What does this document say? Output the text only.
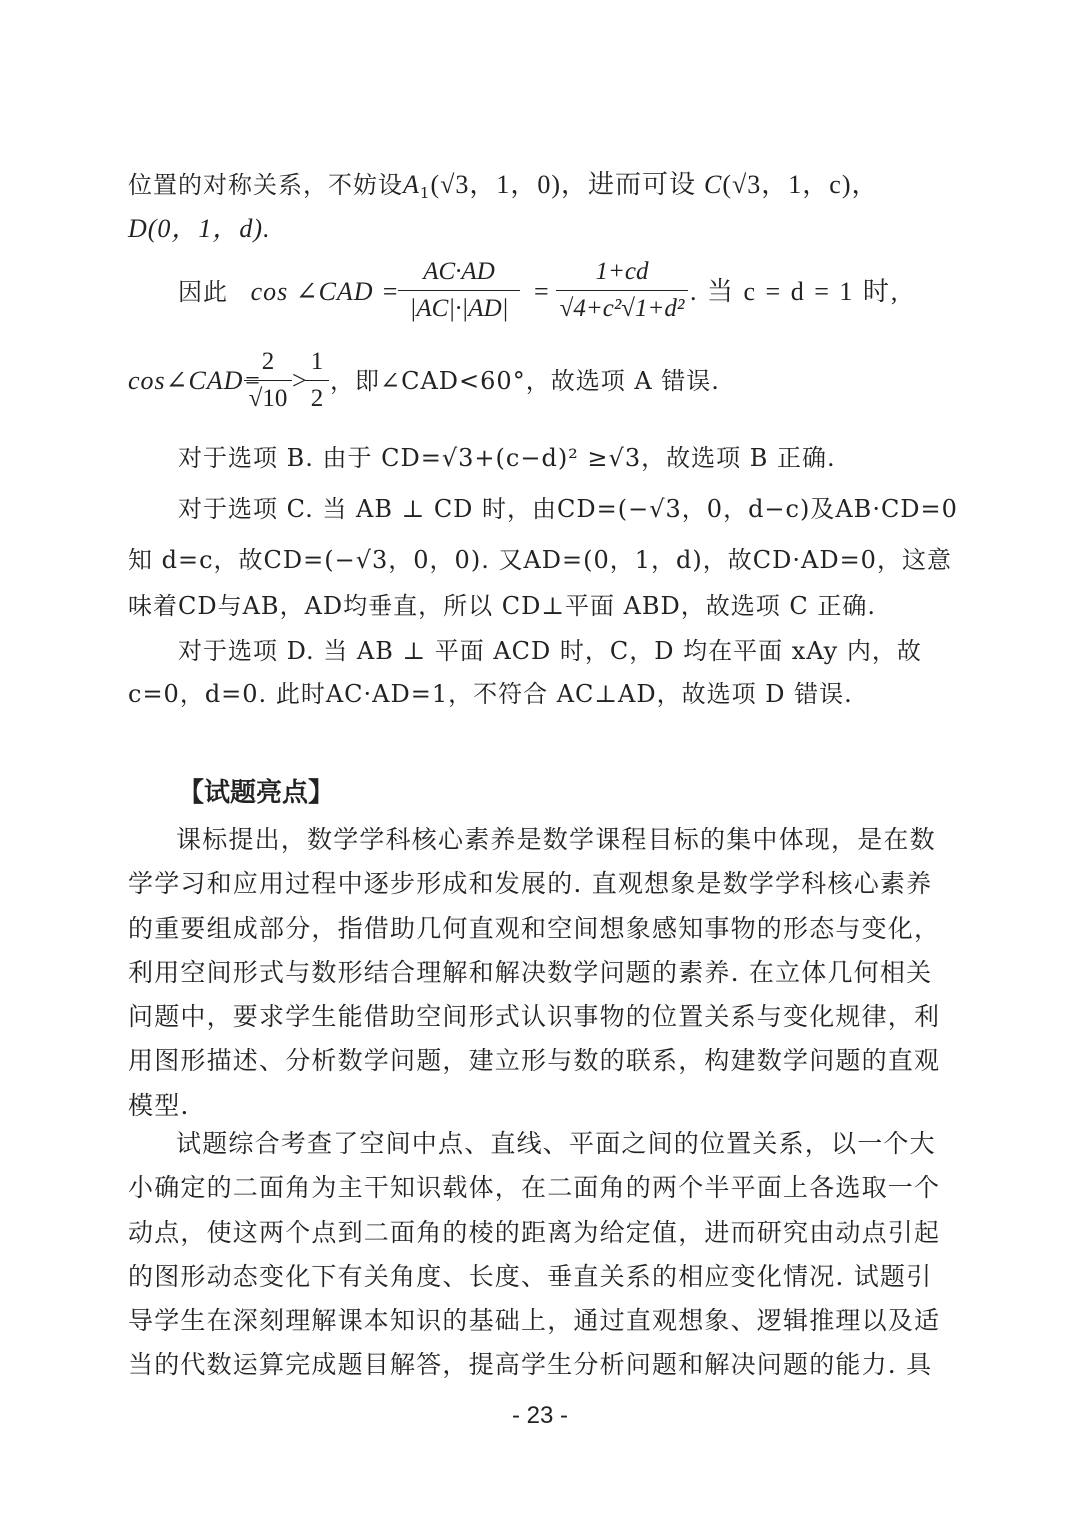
位置的对称关系，不妨设$A_1(√3$，1，0)，进而可设 C(√3，1，c)，
D(0，1，d).
因此 cos ∠CAD =
AC·AD
|AC|·|AD|
=
1+cd
√4+c²√1+d²
. 当 c = d = 1 时,
cos∠CAD=
2
√10
>
1
2
，即∠CAD<60°，故选项 A 错误.
对于选项 B. 由于 CD=√3+(c−d)² ≥√3，故选项 B 正确.
对于选项 C. 当 AB ⊥ CD 时，由CD=(−√3，0，d−c)及AB·CD=0
知 d=c，故CD=(−√3，0，0). 又AD=(0，1，d)，故CD·AD=0，这意
味着CD与AB，AD均垂直，所以 CD⊥平面 ABD，故选项 C 正确.
对于选项 D. 当 AB ⊥ 平面 ACD 时，C，D 均在平面 xAy 内，故
c=0，d=0. 此时AC·AD=1，不符合 AC⊥AD，故选项 D 错误.
【试题亮点】
课标提出，数学学科核心素养是数学课程目标的集中体现，是在数
学学习和应用过程中逐步形成和发展的. 直观想象是数学学科核心素养
的重要组成部分，指借助几何直观和空间想象感知事物的形态与变化，
利用空间形式与数形结合理解和解决数学问题的素养. 在立体几何相关
问题中，要求学生能借助空间形式认识事物的位置关系与变化规律，利
用图形描述、分析数学问题，建立形与数的联系，构建数学问题的直观
模型.
试题综合考查了空间中点、直线、平面之间的位置关系，以一个大
小确定的二面角为主干知识载体，在二面角的两个半平面上各选取一个
动点，使这两个点到二面角的棱的距离为给定值，进而研究由动点引起
的图形动态变化下有关角度、长度、垂直关系的相应变化情况. 试题引
导学生在深刻理解课本知识的基础上，通过直观想象、逻辑推理以及适
当的代数运算完成题目解答，提高学生分析问题和解决问题的能力. 具
- 23 -
